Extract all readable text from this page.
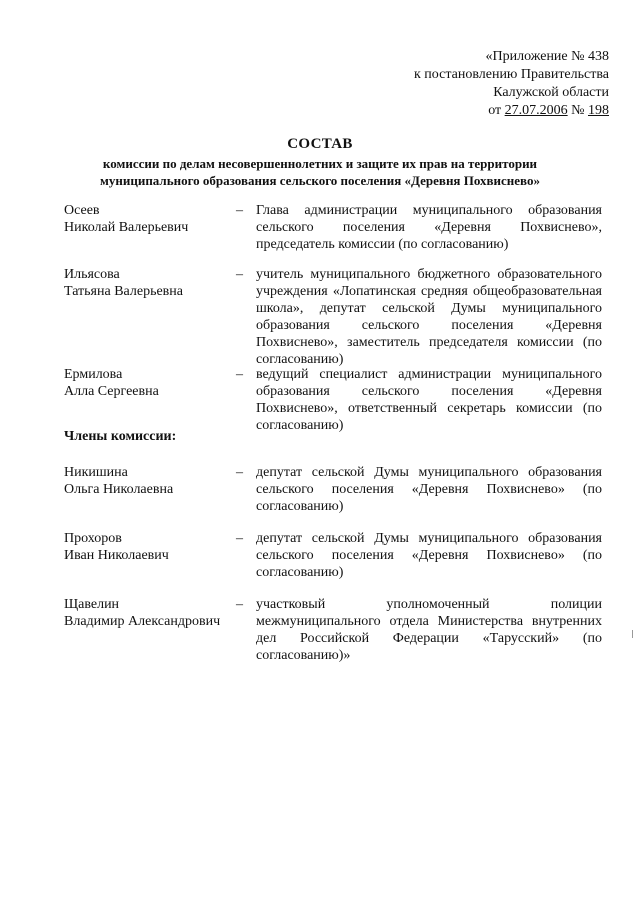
«Приложение № 438
к постановлению Правительства
Калужской области
от 27.07.2006 № 198
СОСТАВ
комиссии по делам несовершеннолетних и защите их прав на территории
муниципального образования сельского поселения «Деревня Похвиснево»
Осеев
Николай Валерьевич
– Глава администрации муниципального образования сельского поселения «Деревня Похвиснево», председатель комиссии (по согласованию)
Ильясова
Татьяна Валерьевна
– учитель муниципального бюджетного образовательного учреждения «Лопатинская средняя общеобразовательная школа», депутат сельской Думы муниципального образования сельского поселения «Деревня Похвиснево», заместитель председателя комиссии (по согласованию)
Ермилова
Алла Сергеевна
– ведущий специалист администрации муниципального образования сельского поселения «Деревня Похвиснево», ответственный секретарь комиссии (по согласованию)
Члены комиссии:
Никишина
Ольга Николаевна
– депутат сельской Думы муниципального образования сельского поселения «Деревня Похвиснево» (по согласованию)
Прохоров
Иван Николаевич
– депутат сельской Думы муниципального образования сельского поселения «Деревня Похвиснево» (по согласованию)
Щавелин
Владимир Александрович
– участковый уполномоченный полиции межмуниципального отдела Министерства внутренних дел Российской Федерации «Тарусский» (по согласованию)»
